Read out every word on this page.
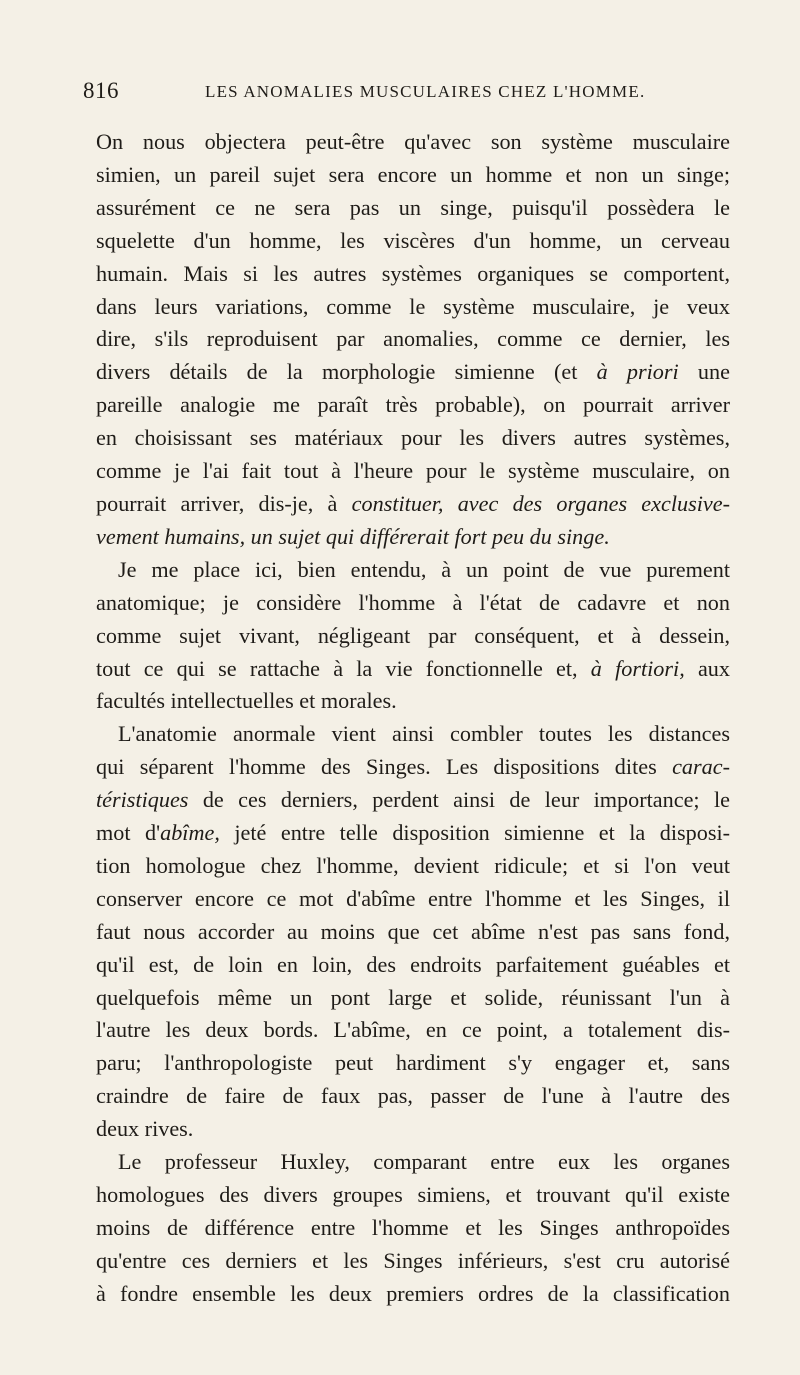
816	LES ANOMALIES MUSCULAIRES CHEZ L'HOMME.
On nous objectera peut-être qu'avec son système musculaire
simien, un pareil sujet sera encore un homme et non un singe;
assurément ce ne sera pas un singe, puisqu'il possèdera le
squelette d'un homme, les viscères d'un homme, un cerveau
humain. Mais si les autres systèmes organiques se comportent,
dans leurs variations, comme le système musculaire, je veux
dire, s'ils reproduisent par anomalies, comme ce dernier, les
divers détails de la morphologie simienne (et à priori une
pareille analogie me paraît très probable), on pourrait arriver
en choisissant ses matériaux pour les divers autres systèmes,
comme je l'ai fait tout à l'heure pour le système musculaire, on
pourrait arriver, dis-je, à constituer, avec des organes exclusive-
vement humains, un sujet qui différerait fort peu du singe.
Je me place ici, bien entendu, à un point de vue purement
anatomique; je considère l'homme à l'état de cadavre et non
comme sujet vivant, négligeant par conséquent, et à dessein,
tout ce qui se rattache à la vie fonctionnelle et, à fortiori, aux
facultés intellectuelles et morales.
L'anatomie anormale vient ainsi combler toutes les distances
qui séparent l'homme des Singes. Les dispositions dites carac-
téristiques de ces derniers, perdent ainsi de leur importance; le
mot d'abîme, jeté entre telle disposition simienne et la disposi-
tion homologue chez l'homme, devient ridicule; et si l'on veut
conserver encore ce mot d'abîme entre l'homme et les Singes, il
faut nous accorder au moins que cet abîme n'est pas sans fond,
qu'il est, de loin en loin, des endroits parfaitement guéables et
quelquefois même un pont large et solide, réunissant l'un à
l'autre les deux bords. L'abîme, en ce point, a totalement dis-
paru; l'anthropologiste peut hardiment s'y engager et, sans
craindre de faire de faux pas, passer de l'une à l'autre des
deux rives.
Le professeur Huxley, comparant entre eux les organes
homologues des divers groupes simiens, et trouvant qu'il existe
moins de différence entre l'homme et les Singes anthropoïdes
qu'entre ces derniers et les Singes inférieurs, s'est cru autorisé
à fondre ensemble les deux premiers ordres de la classification
